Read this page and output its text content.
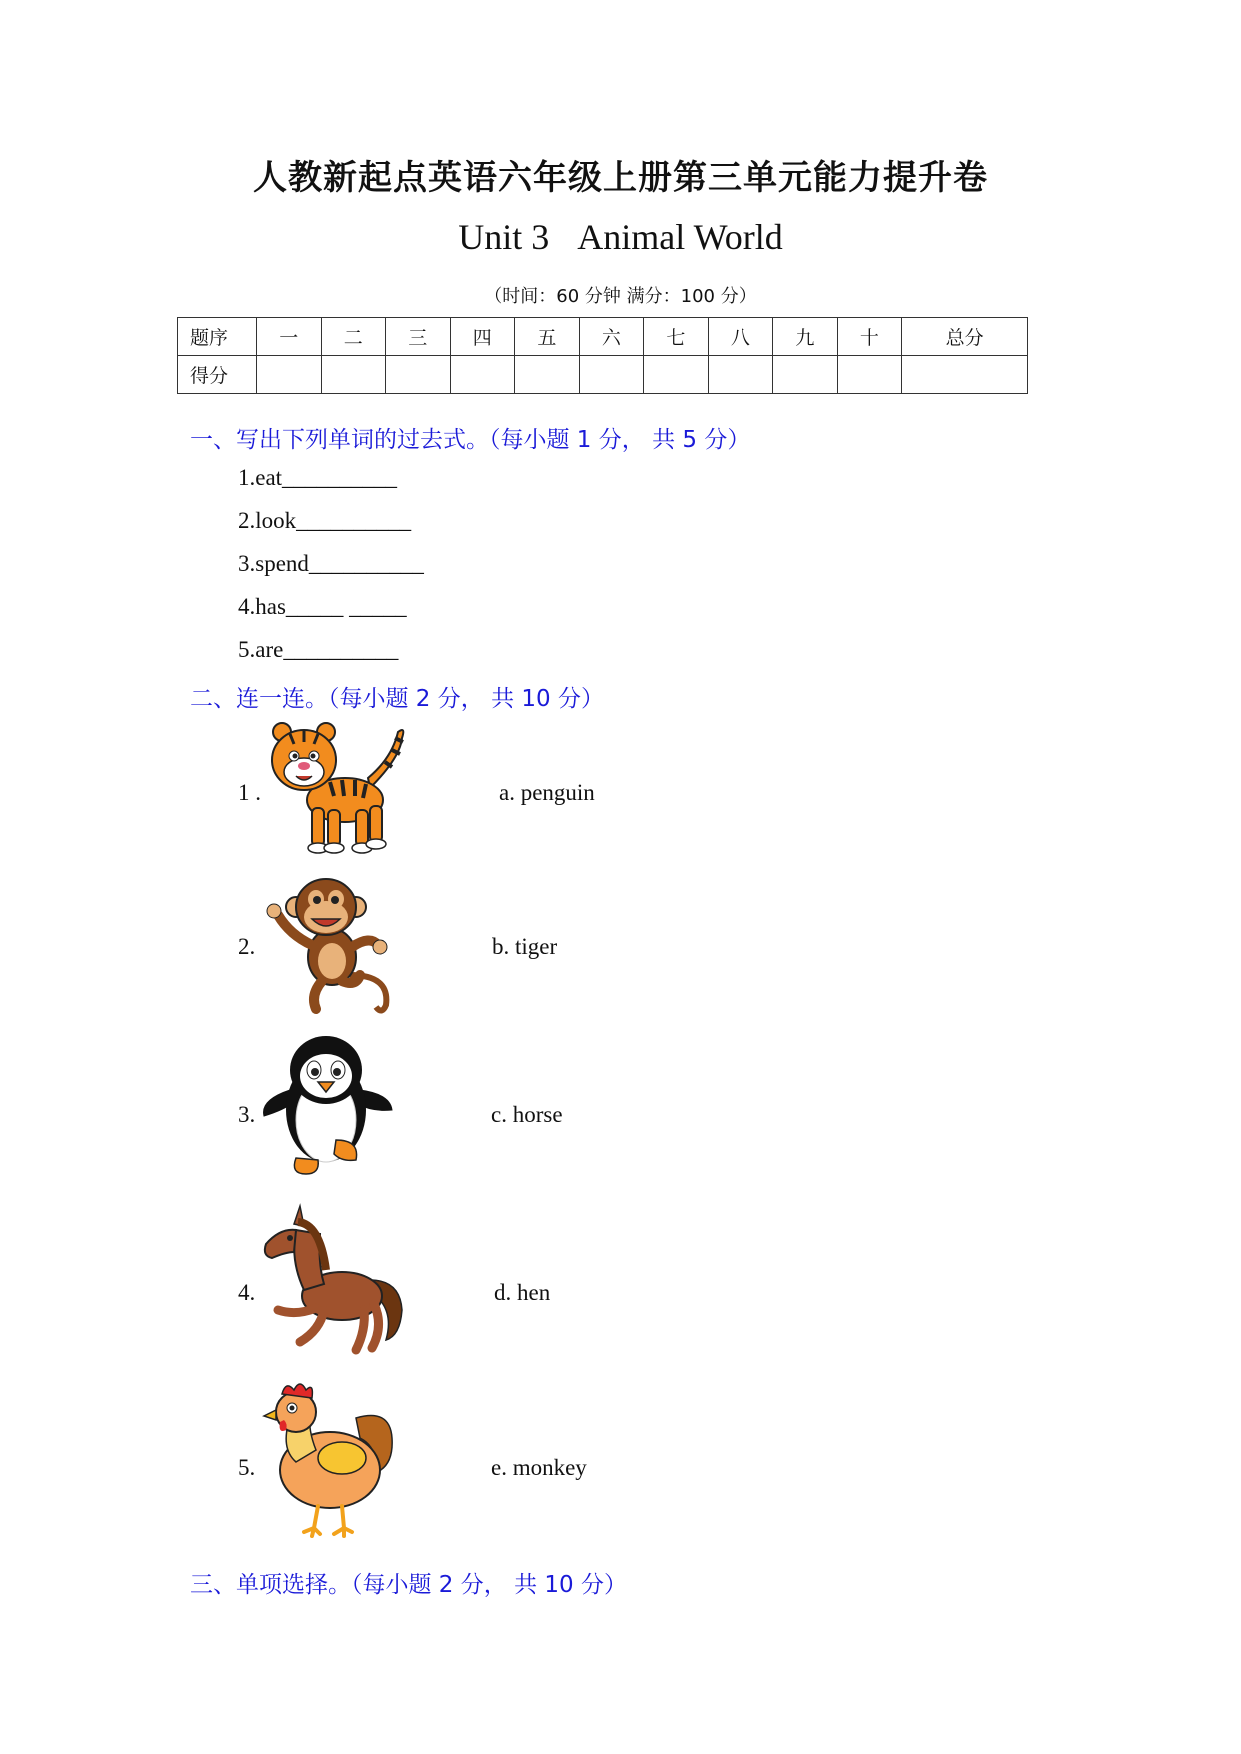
人教新起点英语六年级上册第三单元能力提升卷
Unit 3 Animal World
（时间：60 分钟 满分：100 分）
题序	一	二	三	四	五	六	七	八	九	十	总分
得分											
一、写出下列单词的过去式。（每小题 1 分， 共 5 分）
1.eat__________
2.look__________
3.spend__________
4.has_____ _____
5.are__________
二、连一连。（每小题 2 分， 共 10 分）
1 .
2.
3.
4.
5.
a. penguin
b. tiger
c. horse
d. hen
e. monkey
三、单项选择。（每小题 2 分， 共 10 分）
